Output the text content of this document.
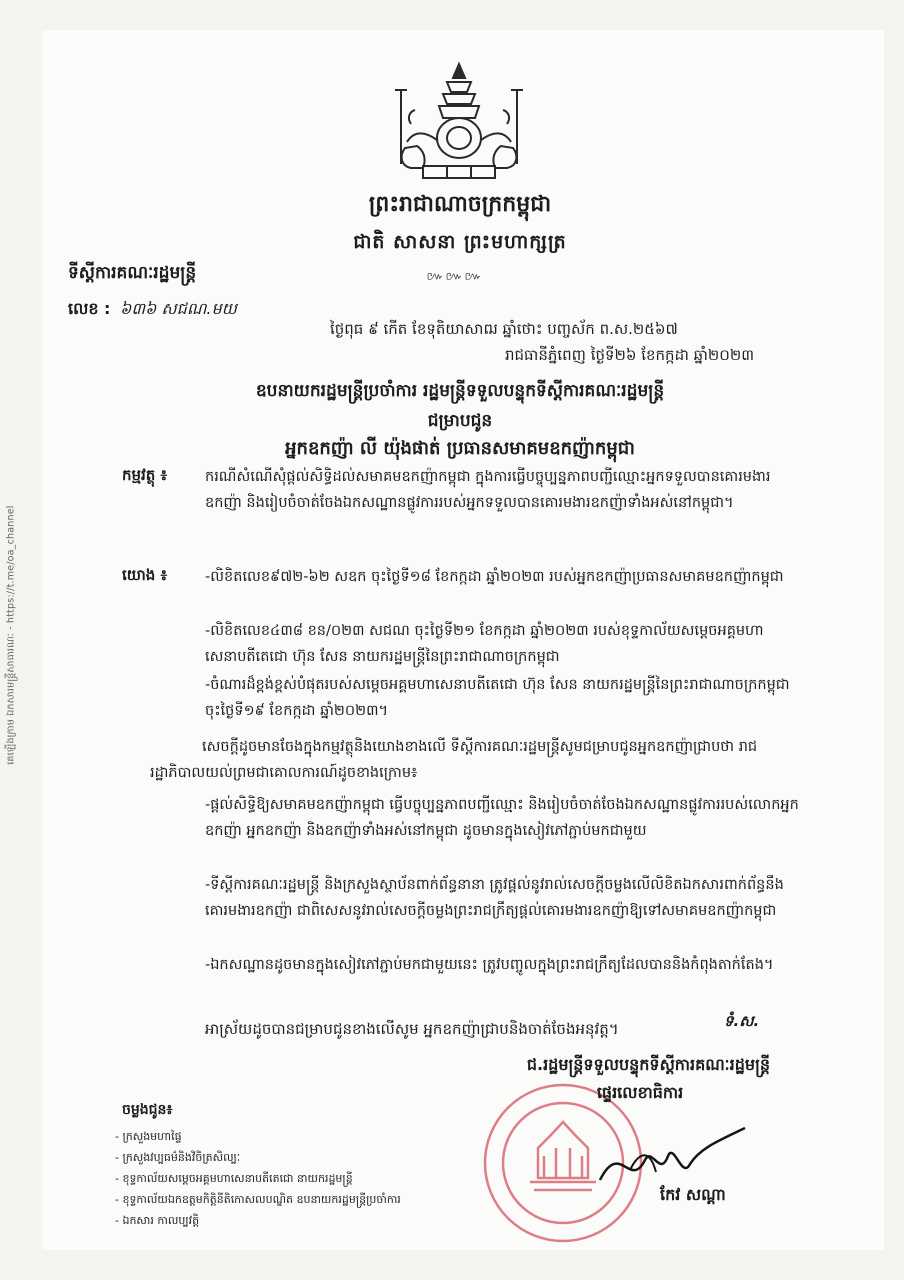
គេឡើងក្រាម ឯកសារមន្ត្រីសាធារណៈ - https://t.me/oa_channel
ព្រះរាជាណាចក្រកម្ពុជា
ជាតិ សាសនា ព្រះមហាក្សត្រ
៚៚៚
ទីស្តីការគណៈរដ្ឋមន្ត្រី
លេខ : ៦៣៦ សជណ.មយ
ថ្ងៃពុធ ៩ កើត ខែទុតិយាសាឍ ឆ្នាំថោះ បញ្ចស័ក ព.ស.២៥៦៧
រាជធានីភ្នំពេញ ថ្ងៃទី២៦ ខែកក្កដា ឆ្នាំ២០២៣
ឧបនាយករដ្ឋមន្ត្រីប្រចាំការ រដ្ឋមន្ត្រីទទួលបន្ទុកទីស្តីការគណៈរដ្ឋមន្ត្រី
ជម្រាបជូន
អ្នកឧកញ៉ា លី យ៉ុងផាត់ ប្រធានសមាគមឧកញ៉ាកម្ពុជា
កម្មវត្ថុ ៖	ករណីសំណើសុំផ្តល់សិទ្ធិដល់សមាគមឧកញ៉ាកម្ពុជា ក្នុងការធ្វើបច្ចុប្បន្នភាពបញ្ជីឈ្មោះអ្នកទទួលបានគោរមងារឧកញ៉ា និងរៀបចំចាត់ចែងឯកសណ្ឋានផ្លូវការរបស់អ្នកទទួលបានគោរមងារឧកញ៉ាទាំងអស់នៅកម្ពុជា។
យោង ៖	-លិខិតលេខ៩៧២-៦២ សឧក ចុះថ្ងៃទី១៨ ខែកក្កដា ឆ្នាំ២០២៣ របស់អ្នកឧកញ៉ាប្រធានសមាគមឧកញ៉ាកម្ពុជា
-លិខិតលេខ៤៣៨ ខន/០២៣ សជណ ចុះថ្ងៃទី២១ ខែកក្កដា ឆ្នាំ២០២៣ របស់ខុទ្ទកាល័យសម្តេចអគ្គមហាសេនាបតីតេជោ ហ៊ុន សែន នាយករដ្ឋមន្ត្រីនៃព្រះរាជាណាចក្រកម្ពុជា
-ចំណារដ៏ខ្ពង់ខ្ពស់បំផុតរបស់សម្តេចអគ្គមហាសេនាបតីតេជោ ហ៊ុន សែន នាយករដ្ឋមន្ត្រីនៃព្រះរាជាណាចក្រកម្ពុជា ចុះថ្ងៃទី១៩ ខែកក្កដា ឆ្នាំ២០២៣។
សេចក្តីដូចមានចែងក្នុងកម្មវត្ថុនិងយោងខាងលើ ទីស្តីការគណៈរដ្ឋមន្ត្រីសូមជម្រាបជូនអ្នកឧកញ៉ាជ្រាបថា រាជរដ្ឋាភិបាលយល់ព្រមជាគោលការណ៍ដូចខាងក្រោម៖
-ផ្តល់សិទ្ធិឱ្យសមាគមឧកញ៉ាកម្ពុជា ធ្វើបច្ចុប្បន្នភាពបញ្ជីឈ្មោះ និងរៀបចំចាត់ចែងឯកសណ្ឋានផ្លូវការរបស់លោកអ្នកឧកញ៉ា អ្នកឧកញ៉ា និងឧកញ៉ាទាំងអស់នៅកម្ពុជា ដូចមានក្នុងសៀវភៅភ្ជាប់មកជាមួយ
-ទីស្តីការគណៈរដ្ឋមន្ត្រី និងក្រសួងស្ថាប័នពាក់ព័ន្ធនានា ត្រូវផ្តល់នូវរាល់សេចក្តីចម្លងលើលិខិតឯកសារពាក់ព័ន្ធនឹងគោរមងារឧកញ៉ា ជាពិសេសនូវរាល់សេចក្តីចម្លងព្រះរាជក្រឹត្យផ្តល់គោរមងារឧកញ៉ាឱ្យទៅសមាគមឧកញ៉ាកម្ពុជា
-ឯកសណ្ឋានដូចមានក្នុងសៀវភៅភ្ជាប់មកជាមួយនេះ ត្រូវបញ្ចូលក្នុងព្រះរាជក្រឹត្យដែលបាននិងកំពុងតាក់តែង។
អាស្រ័យដូចបានជម្រាបជូនខាងលើសូម អ្នកឧកញ៉ាជ្រាបនិងចាត់ចែងអនុវត្ត។	ទំ.ស.
ជ.រដ្ឋមន្ត្រីទទួលបន្ទុកទីស្តីការគណៈរដ្ឋមន្ត្រី
ផ្ទេរលេខាធិការ
កែវ សណ្តា
ចម្លងជូន៖
- ក្រសួងមហាផ្ទៃ
- ក្រសួងវប្បធម៌និងវិចិត្រសិល្បៈ
- ខុទ្ទកាល័យសម្តេចអគ្គមហាសេនាបតីតេជោ នាយករដ្ឋមន្ត្រី
- ខុទ្ទកាល័យឯកឧត្តមកិត្តិនីតិកោសលបណ្ឌិត ឧបនាយករដ្ឋមន្ត្រីប្រចាំការ
- ឯកសារ កាលប្បវត្តិ
